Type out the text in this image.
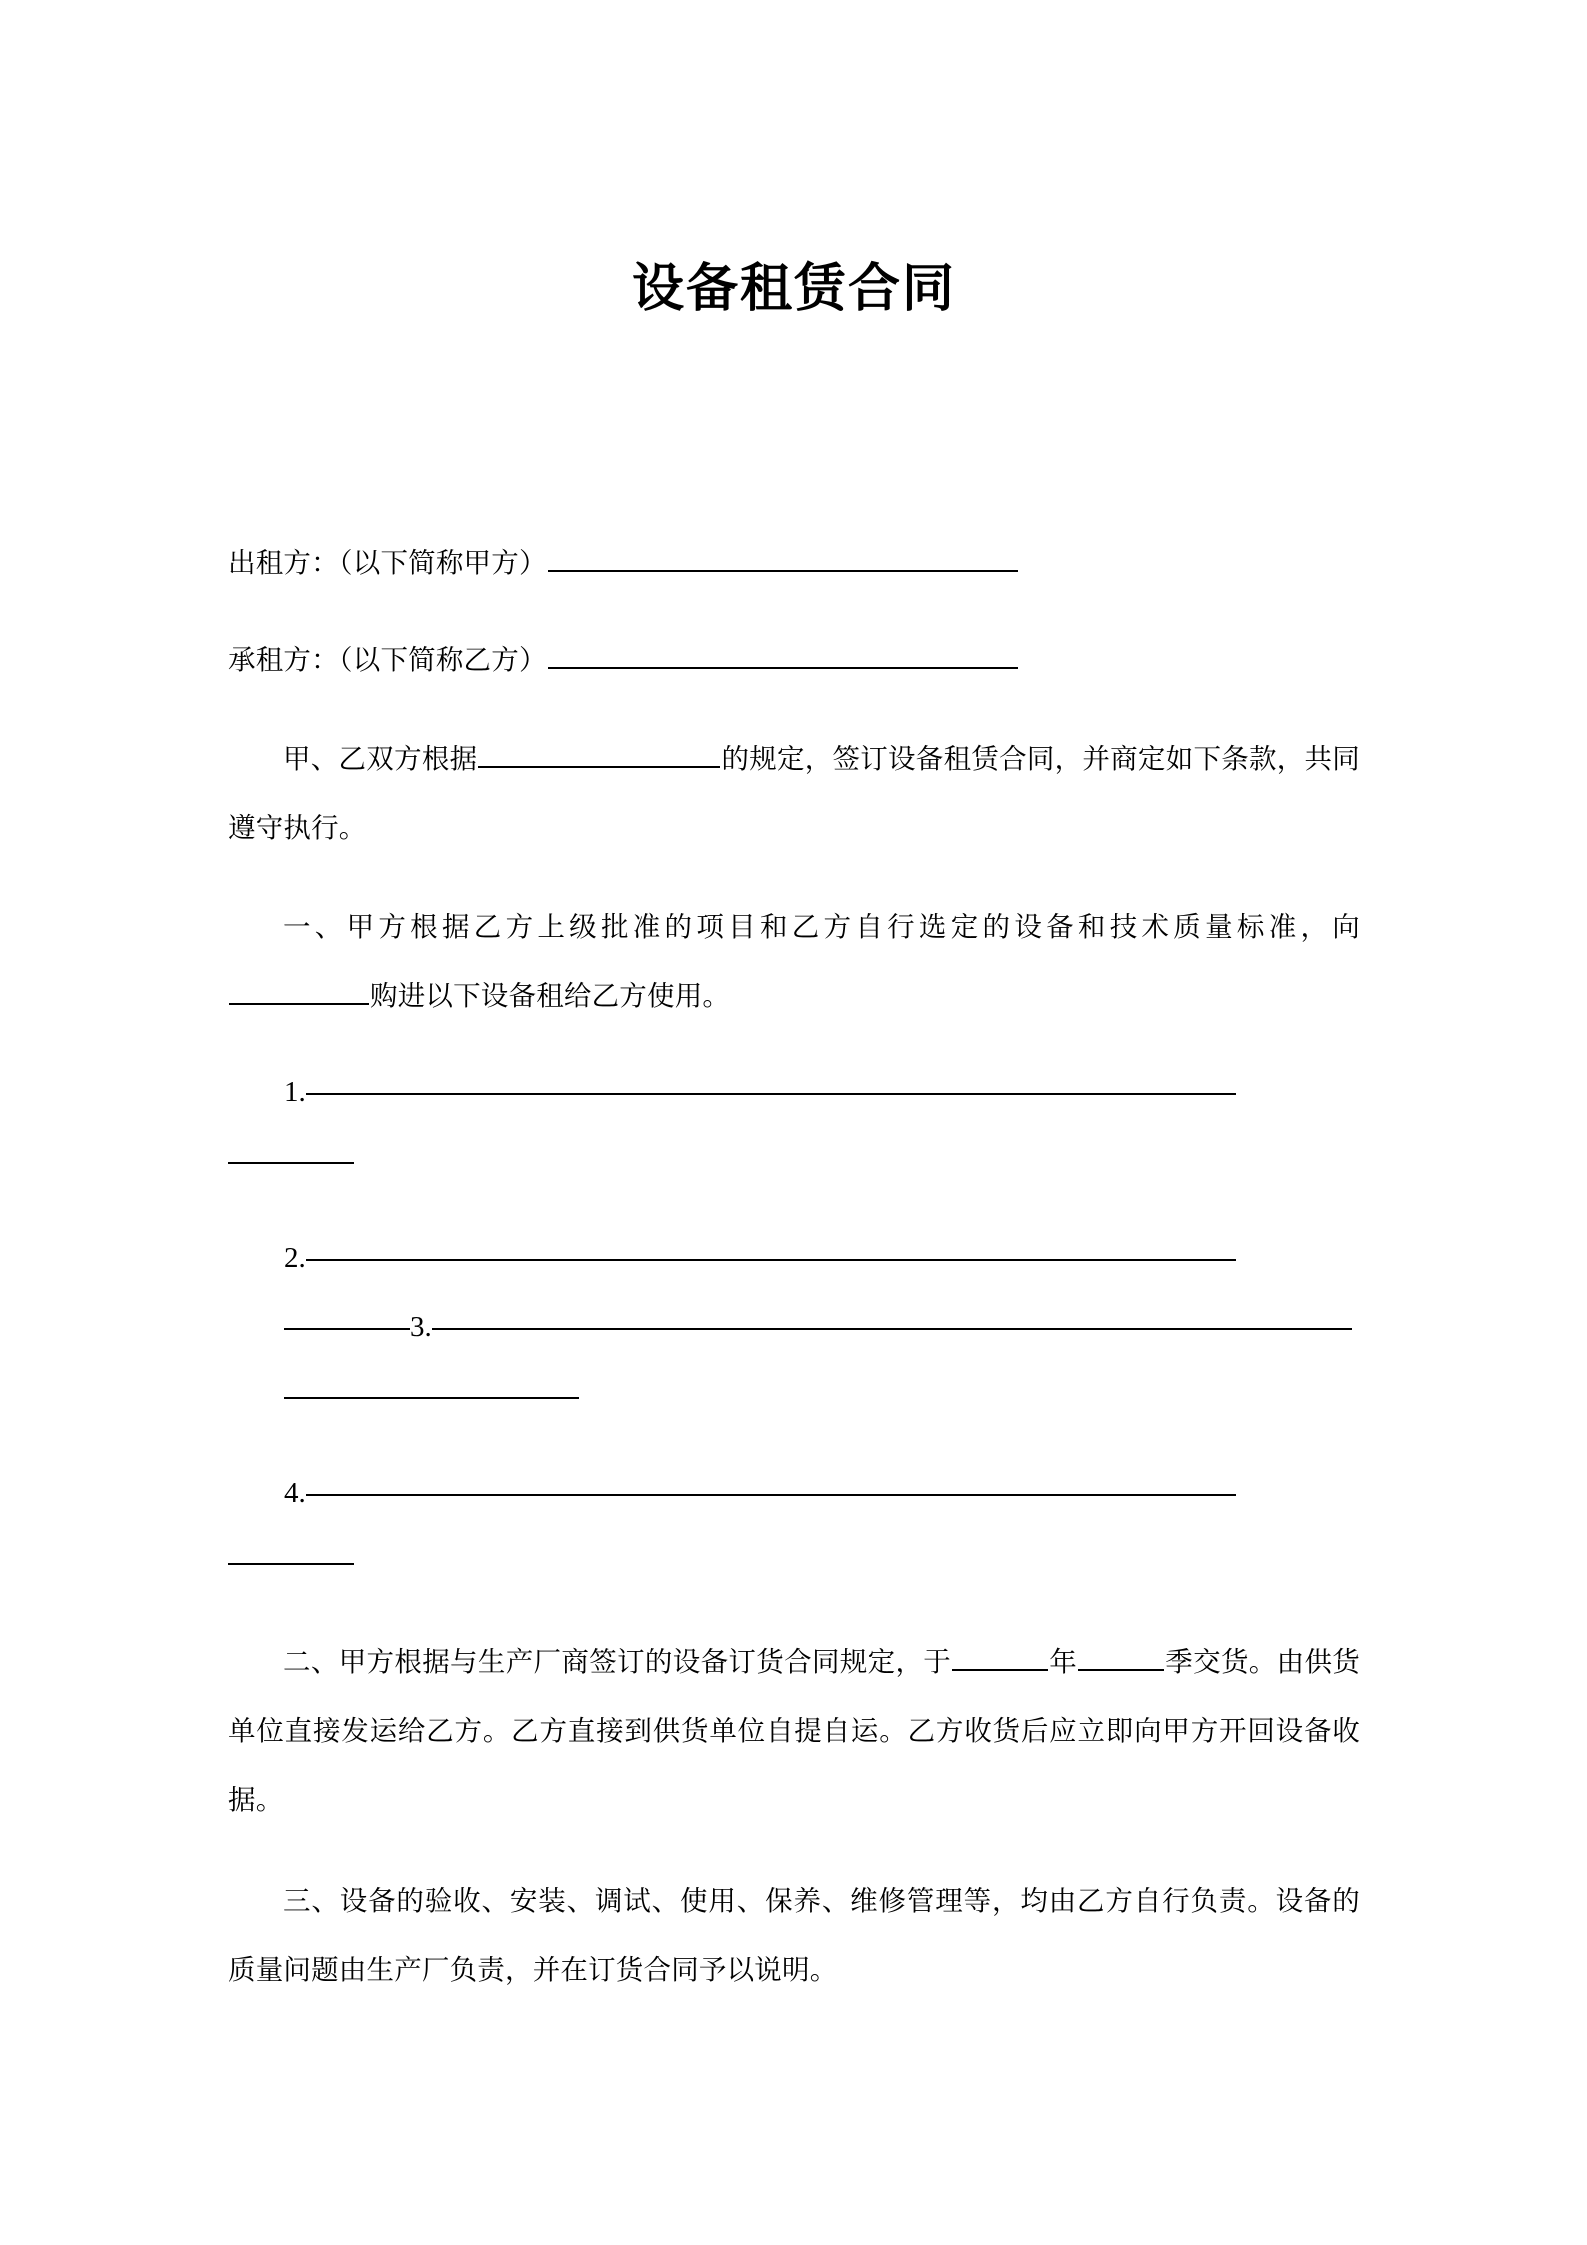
设备租赁合同
出租方：（以下简称甲方）
承租方：（以下简称乙方）
甲、乙双方根据	的规定，签订设备租赁合同，并商定如下条款，共同遵守执行。
一、甲方根据乙方上级批准的项目和乙方自行选定的设备和技术质量标准，向购进以下设备租给乙方使用。
1.
2.
3.
4.
二、甲方根据与生产厂商签订的设备订货合同规定，于	年	季交货。由供货单位直接发运给乙方。乙方直接到供货单位自提自运。乙方收货后应立即向甲方开回设备收据。
三、设备的验收、安装、调试、使用、保养、维修管理等，均由乙方自行负责。设备的质量问题由生产厂负责，并在订货合同予以说明。
